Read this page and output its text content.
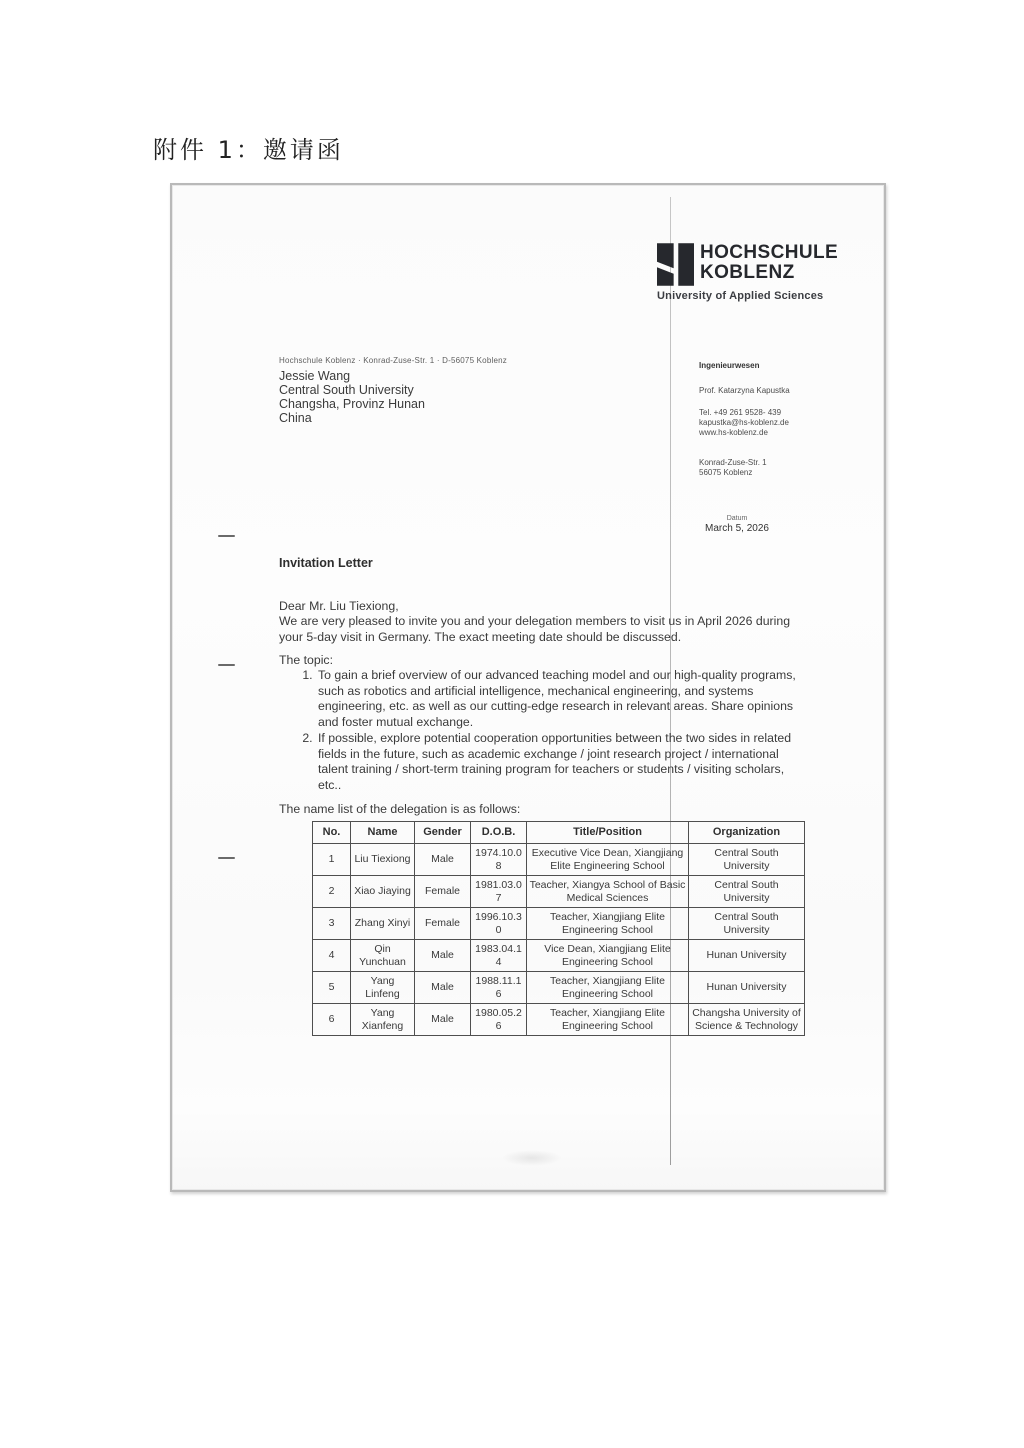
附件 1：邀请函
HOCHSCHULE
KOBLENZ
University of Applied Sciences
Hochschule Koblenz · Konrad-Zuse-Str. 1 · D-56075 Koblenz
Jessie Wang
Central South University
Changsha, Provinz Hunan
China
Ingenieurwesen
Prof. Katarzyna Kapustka
Tel. +49 261 9528- 439
kapustka@hs-koblenz.de
www.hs-koblenz.de
Konrad-Zuse-Str. 1
56075 Koblenz
Datum
March 5, 2026
Invitation Letter
Dear Mr. Liu Tiexiong,
We are very pleased to invite you and your delegation members to visit us in April 2026 during your 5-day visit in Germany. The exact meeting date should be discussed.
The topic:
1. To gain a brief overview of our advanced teaching model and our high-quality programs, such as robotics and artificial intelligence, mechanical engineering, and systems engineering, etc. as well as our cutting-edge research in relevant areas. Share opinions and foster mutual exchange.
2. If possible, explore potential cooperation opportunities between the two sides in related fields in the future, such as academic exchange / joint research project / international talent training / short-term training program for teachers or students / visiting scholars, etc..
The name list of the delegation is as follows:
No.	Name	Gender	D.O.B.	Title/Position	Organization
1	Liu Tiexiong	Male	1974.10.08	Executive Vice Dean, Xiangjiang Elite Engineering School	Central South University
2	Xiao Jiaying	Female	1981.03.07	Teacher, Xiangya School of Basic Medical Sciences	Central South University
3	Zhang Xinyi	Female	1996.10.30	Teacher, Xiangjiang Elite Engineering School	Central South University
4	Qin Yunchuan	Male	1983.04.14	Vice Dean, Xiangjiang Elite Engineering School	Hunan University
5	Yang Linfeng	Male	1988.11.16	Teacher, Xiangjiang Elite Engineering School	Hunan University
6	Yang Xianfeng	Male	1980.05.26	Teacher, Xiangjiang Elite Engineering School	Changsha University of Science & Technology
